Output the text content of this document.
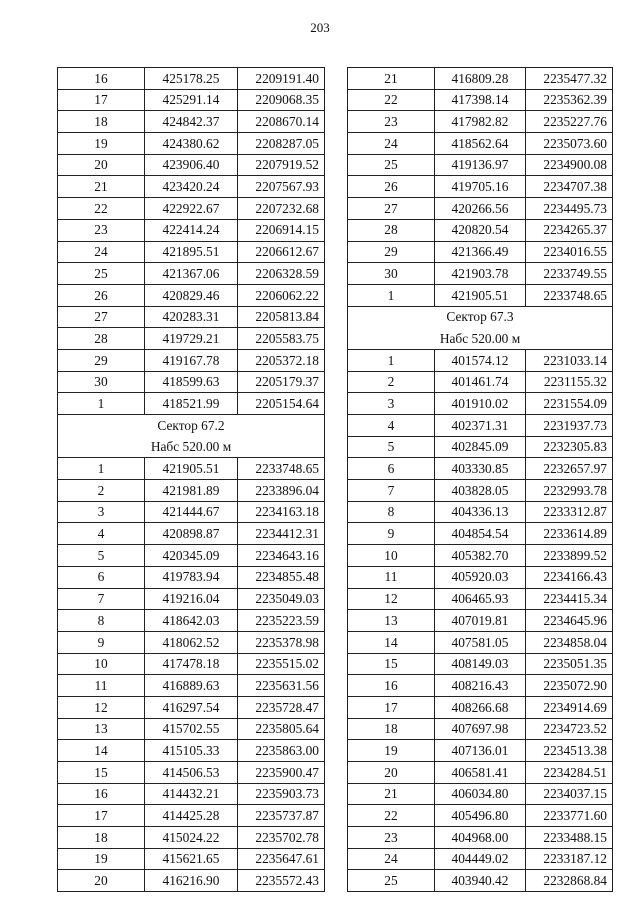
203
16	425178.25	2209191.40
17	425291.14	2209068.35
18	424842.37	2208670.14
19	424380.62	2208287.05
20	423906.40	2207919.52
21	423420.24	2207567.93
22	422922.67	2207232.68
23	422414.24	2206914.15
24	421895.51	2206612.67
25	421367.06	2206328.59
26	420829.46	2206062.22
27	420283.31	2205813.84
28	419729.21	2205583.75
29	419167.78	2205372.18
30	418599.63	2205179.37
1	418521.99	2205154.64
Сектор 67.2		
Набс 520.00 м		
1	421905.51	2233748.65
2	421981.89	2233896.04
3	421444.67	2234163.18
4	420898.87	2234412.31
5	420345.09	2234643.16
6	419783.94	2234855.48
7	419216.04	2235049.03
8	418642.03	2235223.59
9	418062.52	2235378.98
10	417478.18	2235515.02
11	416889.63	2235631.56
12	416297.54	2235728.47
13	415702.55	2235805.64
14	415105.33	2235863.00
15	414506.53	2235900.47
16	414432.21	2235903.73
17	414425.28	2235737.87
18	415024.22	2235702.78
19	415621.65	2235647.61
20	416216.90	2235572.43
21	416809.28	2235477.32
22	417398.14	2235362.39
23	417982.82	2235227.76
24	418562.64	2235073.60
25	419136.97	2234900.08
26	419705.16	2234707.38
27	420266.56	2234495.73
28	420820.54	2234265.37
29	421366.49	2234016.55
30	421903.78	2233749.55
1	421905.51	2233748.65
Сектор 67.3		
Набс 520.00 м		
1	401574.12	2231033.14
2	401461.74	2231155.32
3	401910.02	2231554.09
4	402371.31	2231937.73
5	402845.09	2232305.83
6	403330.85	2232657.97
7	403828.05	2232993.78
8	404336.13	2233312.87
9	404854.54	2233614.89
10	405382.70	2233899.52
11	405920.03	2234166.43
12	406465.93	2234415.34
13	407019.81	2234645.96
14	407581.05	2234858.04
15	408149.03	2235051.35
16	408216.43	2235072.90
17	408266.68	2234914.69
18	407697.98	2234723.52
19	407136.01	2234513.38
20	406581.41	2234284.51
21	406034.80	2234037.15
22	405496.80	2233771.60
23	404968.00	2233488.15
24	404449.02	2233187.12
25	403940.42	2232868.84
